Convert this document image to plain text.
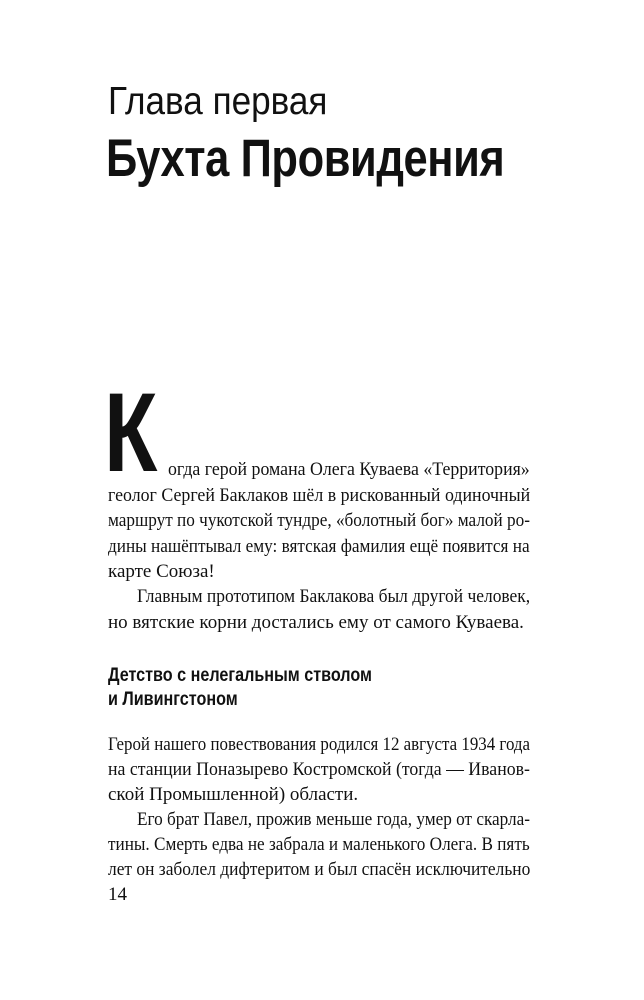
Глава первая
Бухта Провидения
К огда герой романа Олега Куваева «Территория»
геолог Сергей Баклаков шёл в рискованный одиночный
маршрут по чукотской тундре, «болотный бог» малой ро-
дины нашёптывал ему: вятская фамилия ещё появится на
карте Союза!
Главным прототипом Баклакова был другой человек,
но вятские корни достались ему от самого Куваева.
Детство с нелегальным стволом
и Ливингстоном
Герой нашего повествования родился 12 августа 1934 года
на станции Поназырево Костромской (тогда — Иванов-
ской Промышленной) области.
Его брат Павел, прожив меньше года, умер от скарла-
тины. Смерть едва не забрала и маленького Олега. В пять
лет он заболел дифтеритом и был спасён исключительно
14
